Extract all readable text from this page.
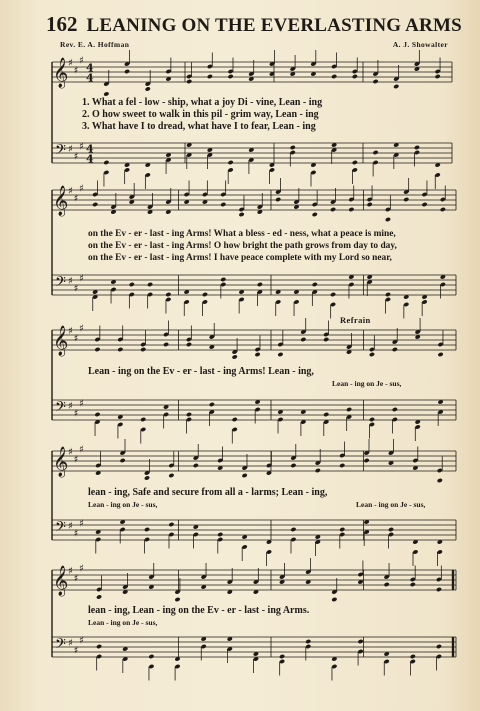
162 LEANING ON THE EVERLASTING ARMS
Rev. E. A. Hoffman	A. J. Showalter
𝄞
𝄢
♯
♯
♯
♯
♯
♯
4
4
4
4
𝄞
𝄢
♯
♯
♯
♯
♯
♯
𝄞
𝄢
♯
♯
♯
♯
♯
♯
𝄞
𝄢
♯
♯
♯
♯
♯
♯
𝄞
𝄢
♯
♯
♯
♯
♯
♯
1. What a fel - low - ship, what a joy Di - vine, Lean - ing
2. O how sweet to walk in this pil - grim way, Lean - ing
3. What have I to dread, what have I to fear, Lean - ing
on the Ev - er - last - ing Arms! What a bless - ed - ness, what a peace is mine,
on the Ev - er - last - ing Arms! O how bright the path grows from day to day,
on the Ev - er - last - ing Arms! I have peace complete with my Lord so near,
Refrain
Lean - ing on the Ev - er - last - ing Arms! Lean - ing,
Lean - ing on Je - sus,
lean - ing, Safe and secure from all a - larms; Lean - ing,
Lean - ing on Je - sus,	Lean - ing on Je - sus,
lean - ing, Lean - ing on the Ev - er - last - ing Arms.
Lean - ing on Je - sus,
